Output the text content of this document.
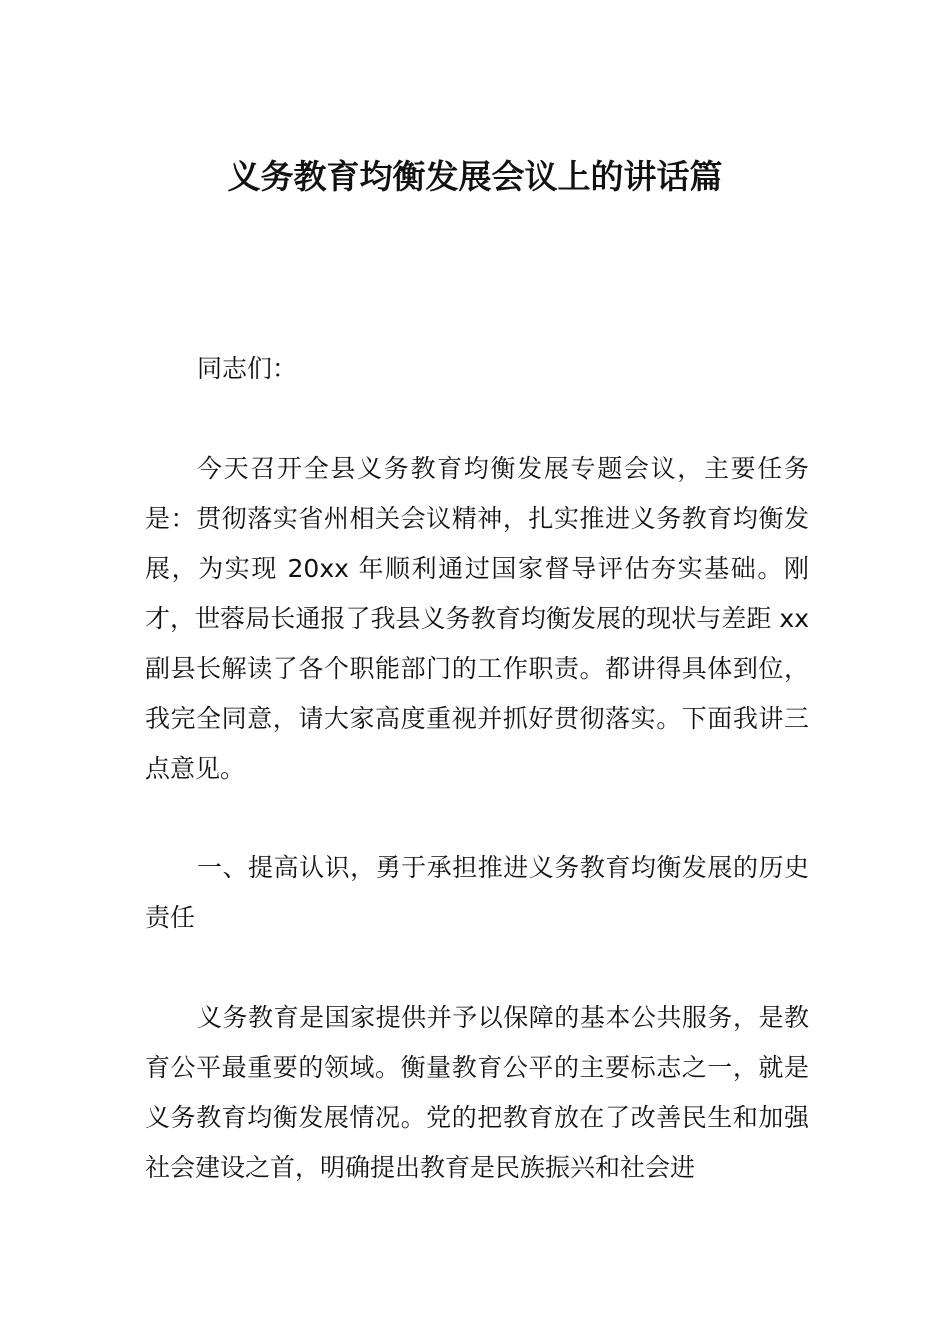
义务教育均衡发展会议上的讲话篇
同志们：
今天召开全县义务教育均衡发展专题会议，主要任务是：贯彻落实省州相关会议精神，扎实推进义务教育均衡发展，为实现 20xx 年顺利通过国家督导评估夯实基础。刚才，世蓉局长通报了我县义务教育均衡发展的现状与差距 xx 副县长解读了各个职能部门的工作职责。都讲得具体到位，我完全同意，请大家高度重视并抓好贯彻落实。下面我讲三点意见。
一、提高认识，勇于承担推进义务教育均衡发展的历史责任
义务教育是国家提供并予以保障的基本公共服务，是教育公平最重要的领域。衡量教育公平的主要标志之一，就是义务教育均衡发展情况。党的把教育放在了改善民生和加强社会建设之首，明确提出教育是民族振兴和社会进
